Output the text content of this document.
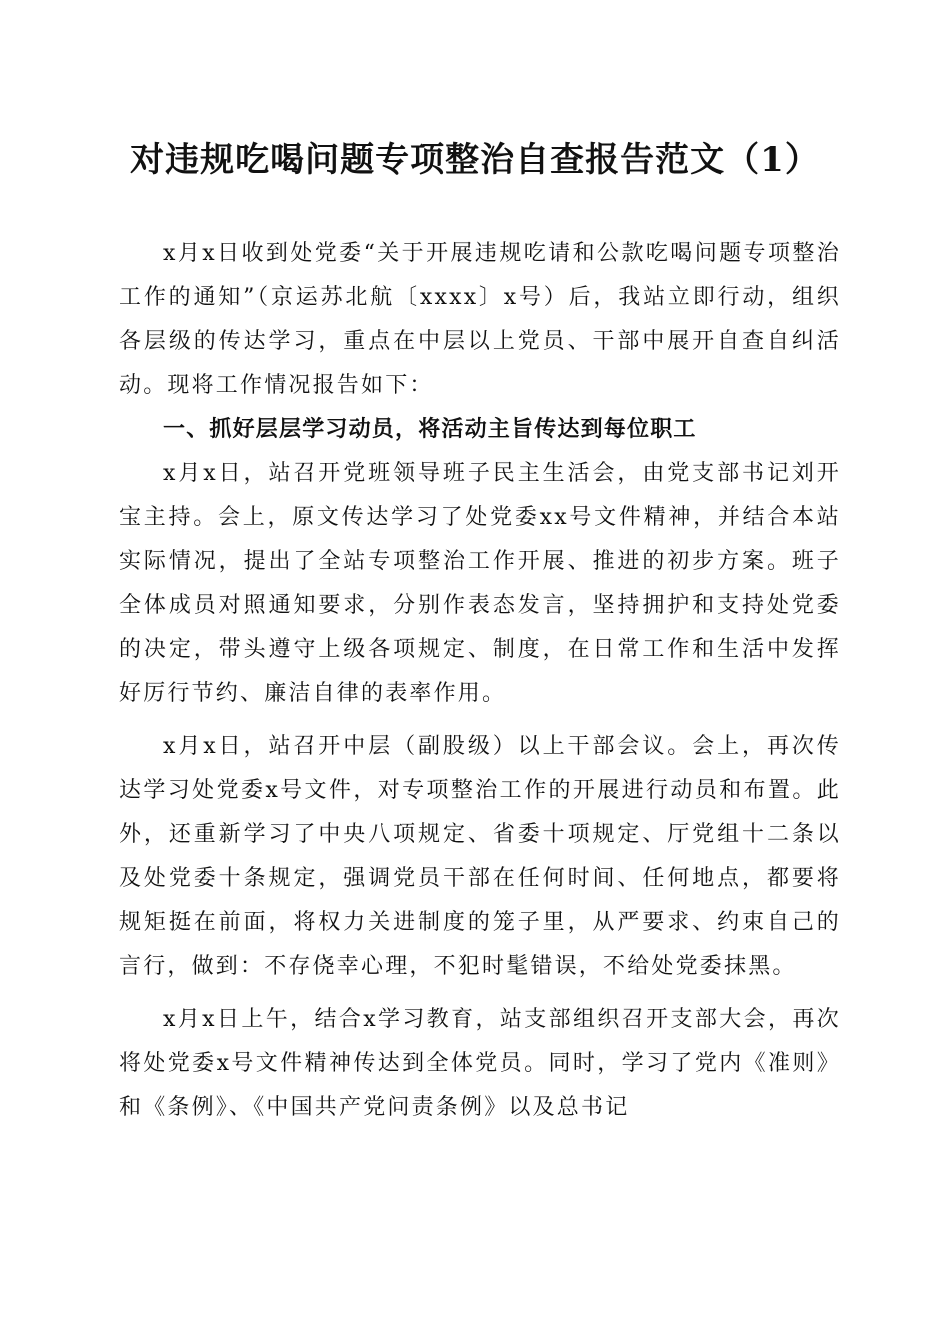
对违规吃喝问题专项整治自查报告范文（1）

x月x日收到处党委“关于开展违规吃请和公款吃喝问题专项整治工作的通知”（京运苏北航〔xxxx〕x号）后，我站立即行动，组织各层级的传达学习，重点在中层以上党员、干部中展开自查自纠活动。现将工作情况报告如下：

一、抓好层层学习动员，将活动主旨传达到每位职工

x月x日，站召开党班领导班子民主生活会，由党支部书记刘开宝主持。会上，原文传达学习了处党委xx号文件精神，并结合本站实际情况，提出了全站专项整治工作开展、推进的初步方案。班子全体成员对照通知要求，分别作表态发言，坚持拥护和支持处党委的决定，带头遵守上级各项规定、制度，在日常工作和生活中发挥好厉行节约、廉洁自律的表率作用。

x月x日，站召开中层（副股级）以上干部会议。会上，再次传达学习处党委x号文件，对专项整治工作的开展进行动员和布置。此外，还重新学习了中央八项规定、省委十项规定、厅党组十二条以及处党委十条规定，强调党员干部在任何时间、任何地点，都要将规矩挺在前面，将权力关进制度的笼子里，从严要求、约束自己的言行，做到：不存侥幸心理，不犯时髦错误，不给处党委抹黑。

x月x日上午，结合x学习教育，站支部组织召开支部大会，再次将处党委x号文件精神传达到全体党员。同时，学习了党内《准则》和《条例》、《中国共产党问责条例》以及总书记
